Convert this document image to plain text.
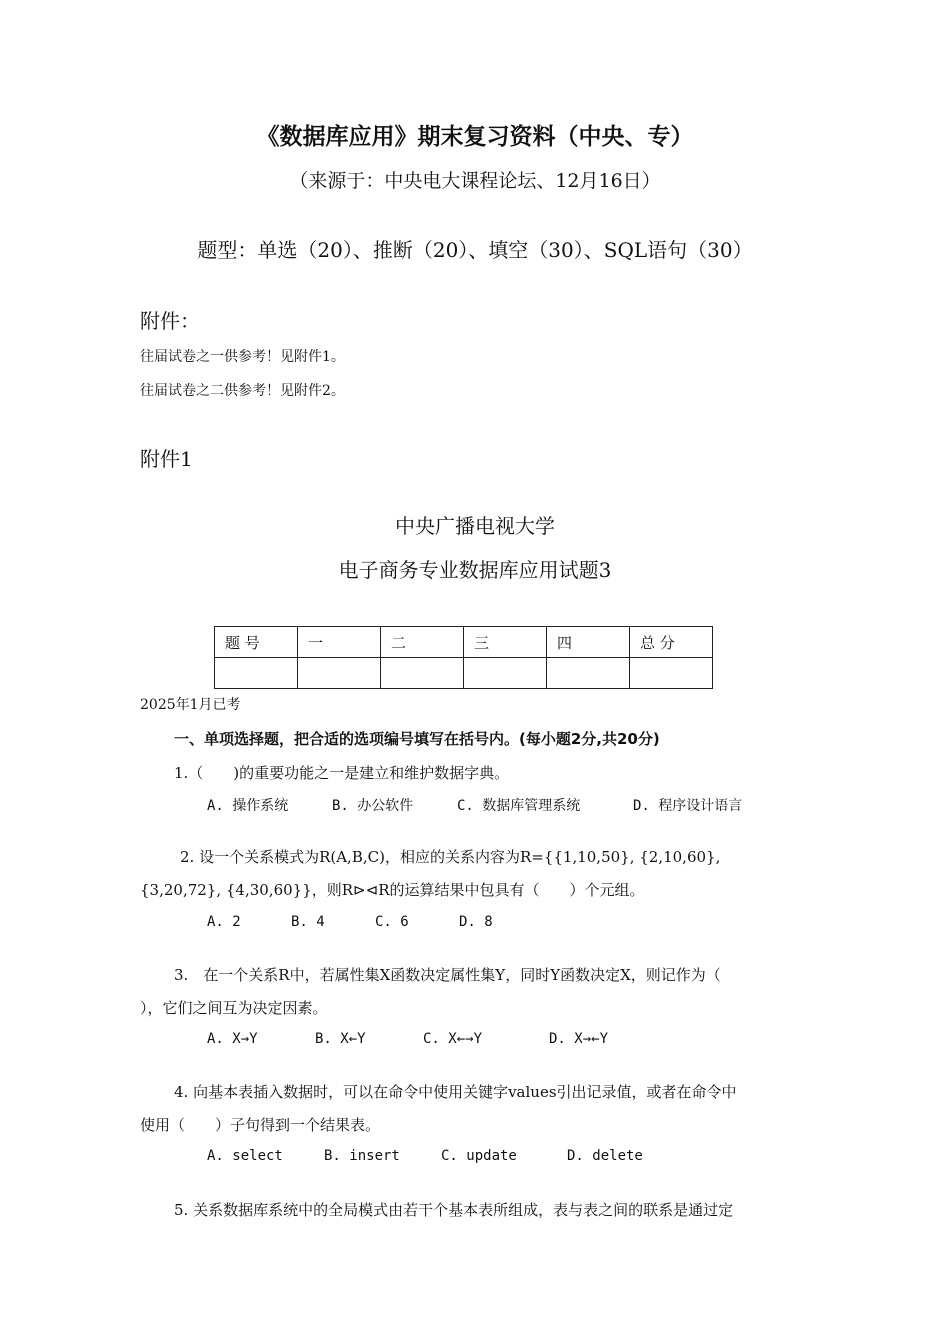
《数据库应用》期末复习资料（中央、专）
（来源于：中央电大课程论坛、12月16日）
题型：单选（20）、推断（20）、填空（30）、SQL语句（30）
附件：
往届试卷之一供参考！见附件1。
往届试卷之二供参考！见附件2。
附件1
中央广播电视大学
电子商务专业数据库应用试题3
题 号	一	二	三	四	总 分

2025年1月已考
一、单项选择题，把合适的选项编号填写在括号内。(每小题2分,共20分)
1.（　　)的重要功能之一是建立和维护数据字典。
A. 操作系统	B. 办公软件	C. 数据库管理系统	D. 程序设计语言
2. 设一个关系模式为R(A,B,C)，相应的关系内容为R={{1,10,50}, {2,10,60},
{3,20,72}, {4,30,60}}，则R⊳⊲R的运算结果中包具有（　　）个元组。
A. 2	B. 4	C. 6	D. 8
3.　在一个关系R中，若属性集X函数决定属性集Y，同时Y函数决定X，则记作为（
），它们之间互为决定因素。
A. X→Y	B. X←Y	C. X←→Y	D. X→←Y
4. 向基本表插入数据时，可以在命令中使用关键字values引出记录值，或者在命令中
使用（　　）子句得到一个结果表。
A. select	B. insert	C. update	D. delete
5. 关系数据库系统中的全局模式由若干个基本表所组成，表与表之间的联系是通过定
